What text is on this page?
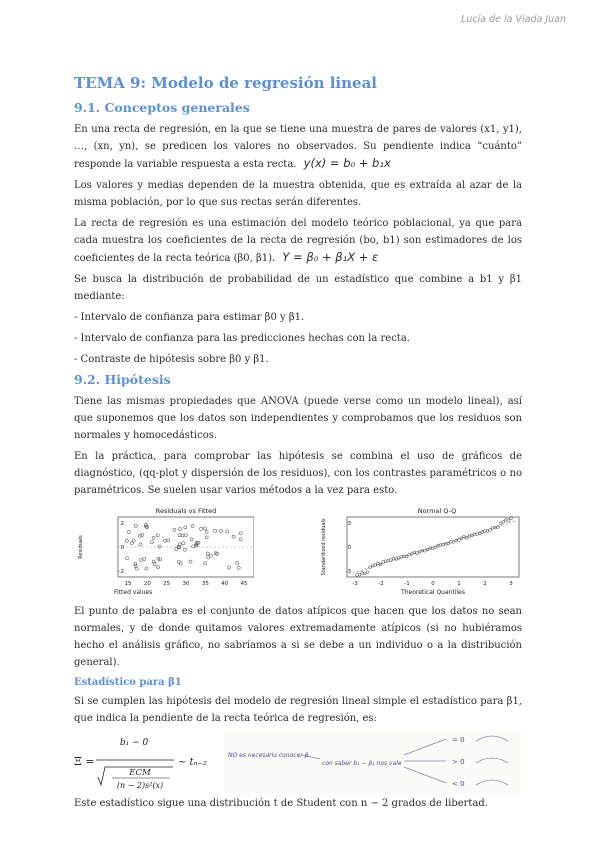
Lucía de la Viada Juan
TEMA 9: Modelo de regresión lineal
9.1. Conceptos generales

En una recta de regresión, en la que se tiene una muestra de pares de valores (x1, y1), …, (xn, yn), se predicen los valores no observados. Su pendiente indica “cuánto” responde la variable respuesta a esta recta. y(x) = b₀ + b₁x

Los valores y medias dependen de la muestra obtenida, que es extraída al azar de la misma población, por lo que sus rectas serán diferentes.

La recta de regresión es una estimación del modelo teórico poblacional, ya que para cada muestra los coeficientes de la recta de regresión (bo, b1) son estimadores de los coeficientes de la recta teórica (β0, β1). Y = β₀ + β₁X + ε

Se busca la distribución de probabilidad de un estadístico que combine a b1 y β1 mediante:

- Intervalo de confianza para estimar β0 y β1.

- Intervalo de confianza para las predicciones hechas con la recta.

- Contraste de hipótesis sobre β0 y β1.

9.2. Hipótesis

Tiene las mismas propiedades que ANOVA (puede verse como un modelo lineal), así que suponemos que los datos son independientes y comprobamos que los residuos son normales y homocedásticos.

En la práctica, para comprobar las hipótesis se combina el uso de gráficos de diagnóstico, (qq-plot y dispersión de los residuos), con los contrastes paramétricos o no paramétricos. Se suelen usar varios métodos a la vez para esto.

Residuals vs Fitted
Residuals
Fitted values
15 20 25 30 35 40 45
-2
0
2
Normal Q-Q
Standardized residuals
Theoretical Quantiles
-3	-2	-1	0	1	2	3
-3
0
3

El punto de palabra es el conjunto de datos atípicos que hacen que los datos no sean normales, y de donde quitamos valores extremadamente atípicos (si no hubiéramos hecho el análisis gráfico, no sabríamos a si se debe a un individuo o a la distribución general).

Estadístico para β1

Si se cumplen las hipótesis del modelo de regresión lineal simple el estadístico para β1, que indica la pendiente de la recta teórica de regresión, es:

Ξ =
b₁ − 0
ECM
(n − 2)s²(x)
~ tₙ₋₂
NO es necesario conocer β
con saber b₁ − β₁ nos vale
= 0
> 0
< 0

Este estadístico sigue una distribución t de Student con n − 2 grados de libertad.
